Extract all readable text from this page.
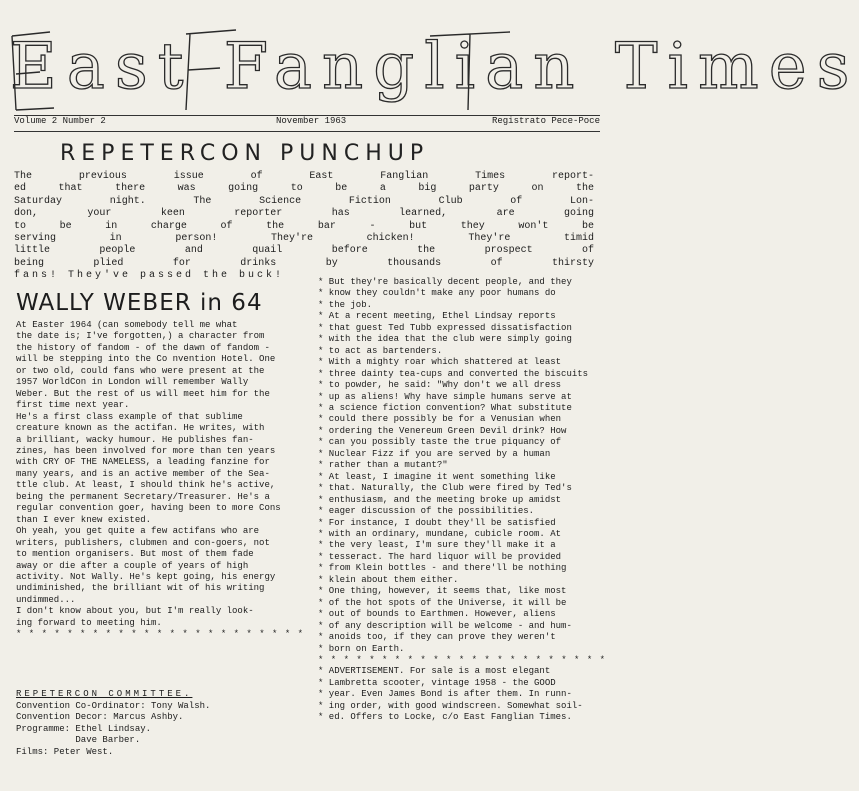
East Fanglian Times
Volume 2 Number 2	November 1963	Registrato Pece-Poce
REPETERCON PUNCHUP
The previous issue of East Fanglian Times report-
ed that there was going to be a big party on the
Saturday night. The Science Fiction Club of Lon-
don, your keen reporter has learned, are going
to be in charge of the bar - but they won't be
serving in person! They're chicken! They're timid
little people and quail before the prospect of
being plied for drinks by thousands of thirsty
fans! They've passed the buck!
WALLY WEBER in 64
At Easter 1964 (can somebody tell me what
the date is; I've forgotten,) a character from
the history of fandom - of the dawn of fandom -
will be stepping into the Co nvention Hotel. One
or two old, could fans who were present at the
1957 WorldCon in London will remember Wally
Weber. But the rest of us will meet him for the
first time next year.
He's a first class example of that sublime
creature known as the actifan. He writes, with
a brilliant, wacky humour. He publishes fan-
zines, has been involved for more than ten years
with CRY OF THE NAMELESS, a leading fanzine for
many years, and is an active member of the Sea-
ttle club. At least, I should think he's active,
being the permanent Secretary/Treasurer. He's a
regular convention goer, having been to more Cons
than I ever knew existed.
Oh yeah, you get quite a few actifans who are
writers, publishers, clubmen and con-goers, not
to mention organisers. But most of them fade
away or die after a couple of years of high
activity. Not Wally. He's kept going, his energy
undiminished, the brilliant wit of his writing
undimmed...
I don't know about you, but I'm really look-
ing forward to meeting him.
* * * * * * * * * * * * * * * * * * * * * * *
REPETERCON COMMITTEE.
Convention Co-Ordinator: Tony Walsh.
Convention Decor: Marcus Ashby.
Programme: Ethel Lindsay.
Dave Barber.
Films: Peter West.
* But they're basically decent people, and they
* know they couldn't make any poor humans do
* the job.
* At a recent meeting, Ethel Lindsay reports
* that guest Ted Tubb expressed dissatisfaction
* with the idea that the club were simply going
* to act as bartenders.
* With a mighty roar which shattered at least
* three dainty tea-cups and converted the biscuits
* to powder, he said: "Why don't we all dress
* up as aliens! Why have simple humans serve at
* a science fiction convention? What substitute
* could there possibly be for a Venusian when
* ordering the Venereum Green Devil drink? How
* can you possibly taste the true piquancy of
* Nuclear Fizz if you are served by a human
* rather than a mutant?"
* At least, I imagine it went something like
* that. Naturally, the Club were fired by Ted's
* enthusiasm, and the meeting broke up amidst
* eager discussion of the possibilities.
* For instance, I doubt they'll be satisfied
* with an ordinary, mundane, cubicle room. At
* the very least, I'm sure they'll make it a
* tesseract. The hard liquor will be provided
* from Klein bottles - and there'll be nothing
* klein about them either.
* One thing, however, it seems that, like most
* of the hot spots of the Universe, it will be
* out of bounds to Earthmen. However, aliens
* of any description will be welcome - and hum-
* anoids too, if they can prove they weren't
* born on Earth.
* * * * * * * * * * * * * * * * * * * * * * *
* ADVERTISEMENT. For sale is a most elegant
* Lambretta scooter, vintage 1958 - the GOOD
* year. Even James Bond is after them. In runn-
* ing order, with good windscreen. Somewhat soil-
* ed. Offers to Locke, c/o East Fanglian Times.
